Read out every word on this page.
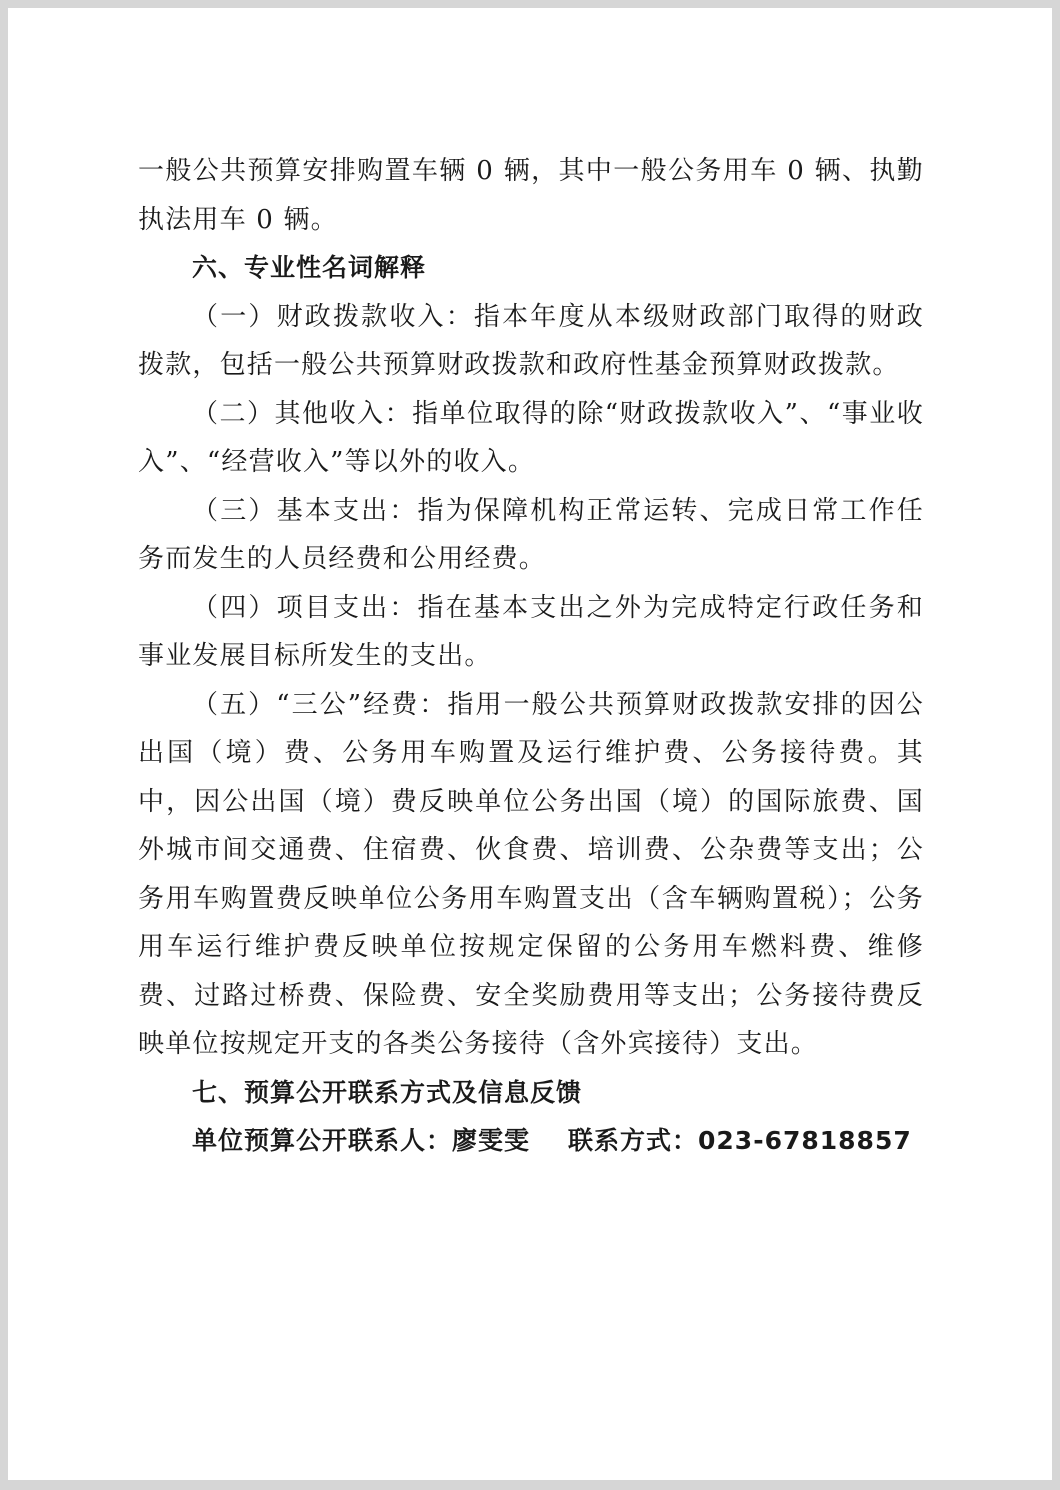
一般公共预算安排购置车辆 0 辆，其中一般公务用车 0 辆、执勤执法用车 0 辆。

六、专业性名词解释

（一）财政拨款收入：指本年度从本级财政部门取得的财政拨款，包括一般公共预算财政拨款和政府性基金预算财政拨款。

（二）其他收入：指单位取得的除“财政拨款收入”、“事业收入”、“经营收入”等以外的收入。

（三）基本支出：指为保障机构正常运转、完成日常工作任务而发生的人员经费和公用经费。

（四）项目支出：指在基本支出之外为完成特定行政任务和事业发展目标所发生的支出。

（五）“三公”经费：指用一般公共预算财政拨款安排的因公出国（境）费、公务用车购置及运行维护费、公务接待费。其中，因公出国（境）费反映单位公务出国（境）的国际旅费、国外城市间交通费、住宿费、伙食费、培训费、公杂费等支出；公务用车购置费反映单位公务用车购置支出（含车辆购置税）；公务用车运行维护费反映单位按规定保留的公务用车燃料费、维修费、过路过桥费、保险费、安全奖励费用等支出；公务接待费反映单位按规定开支的各类公务接待（含外宾接待）支出。

七、预算公开联系方式及信息反馈

单位预算公开联系人：廖雯雯 联系方式：023-67818857
